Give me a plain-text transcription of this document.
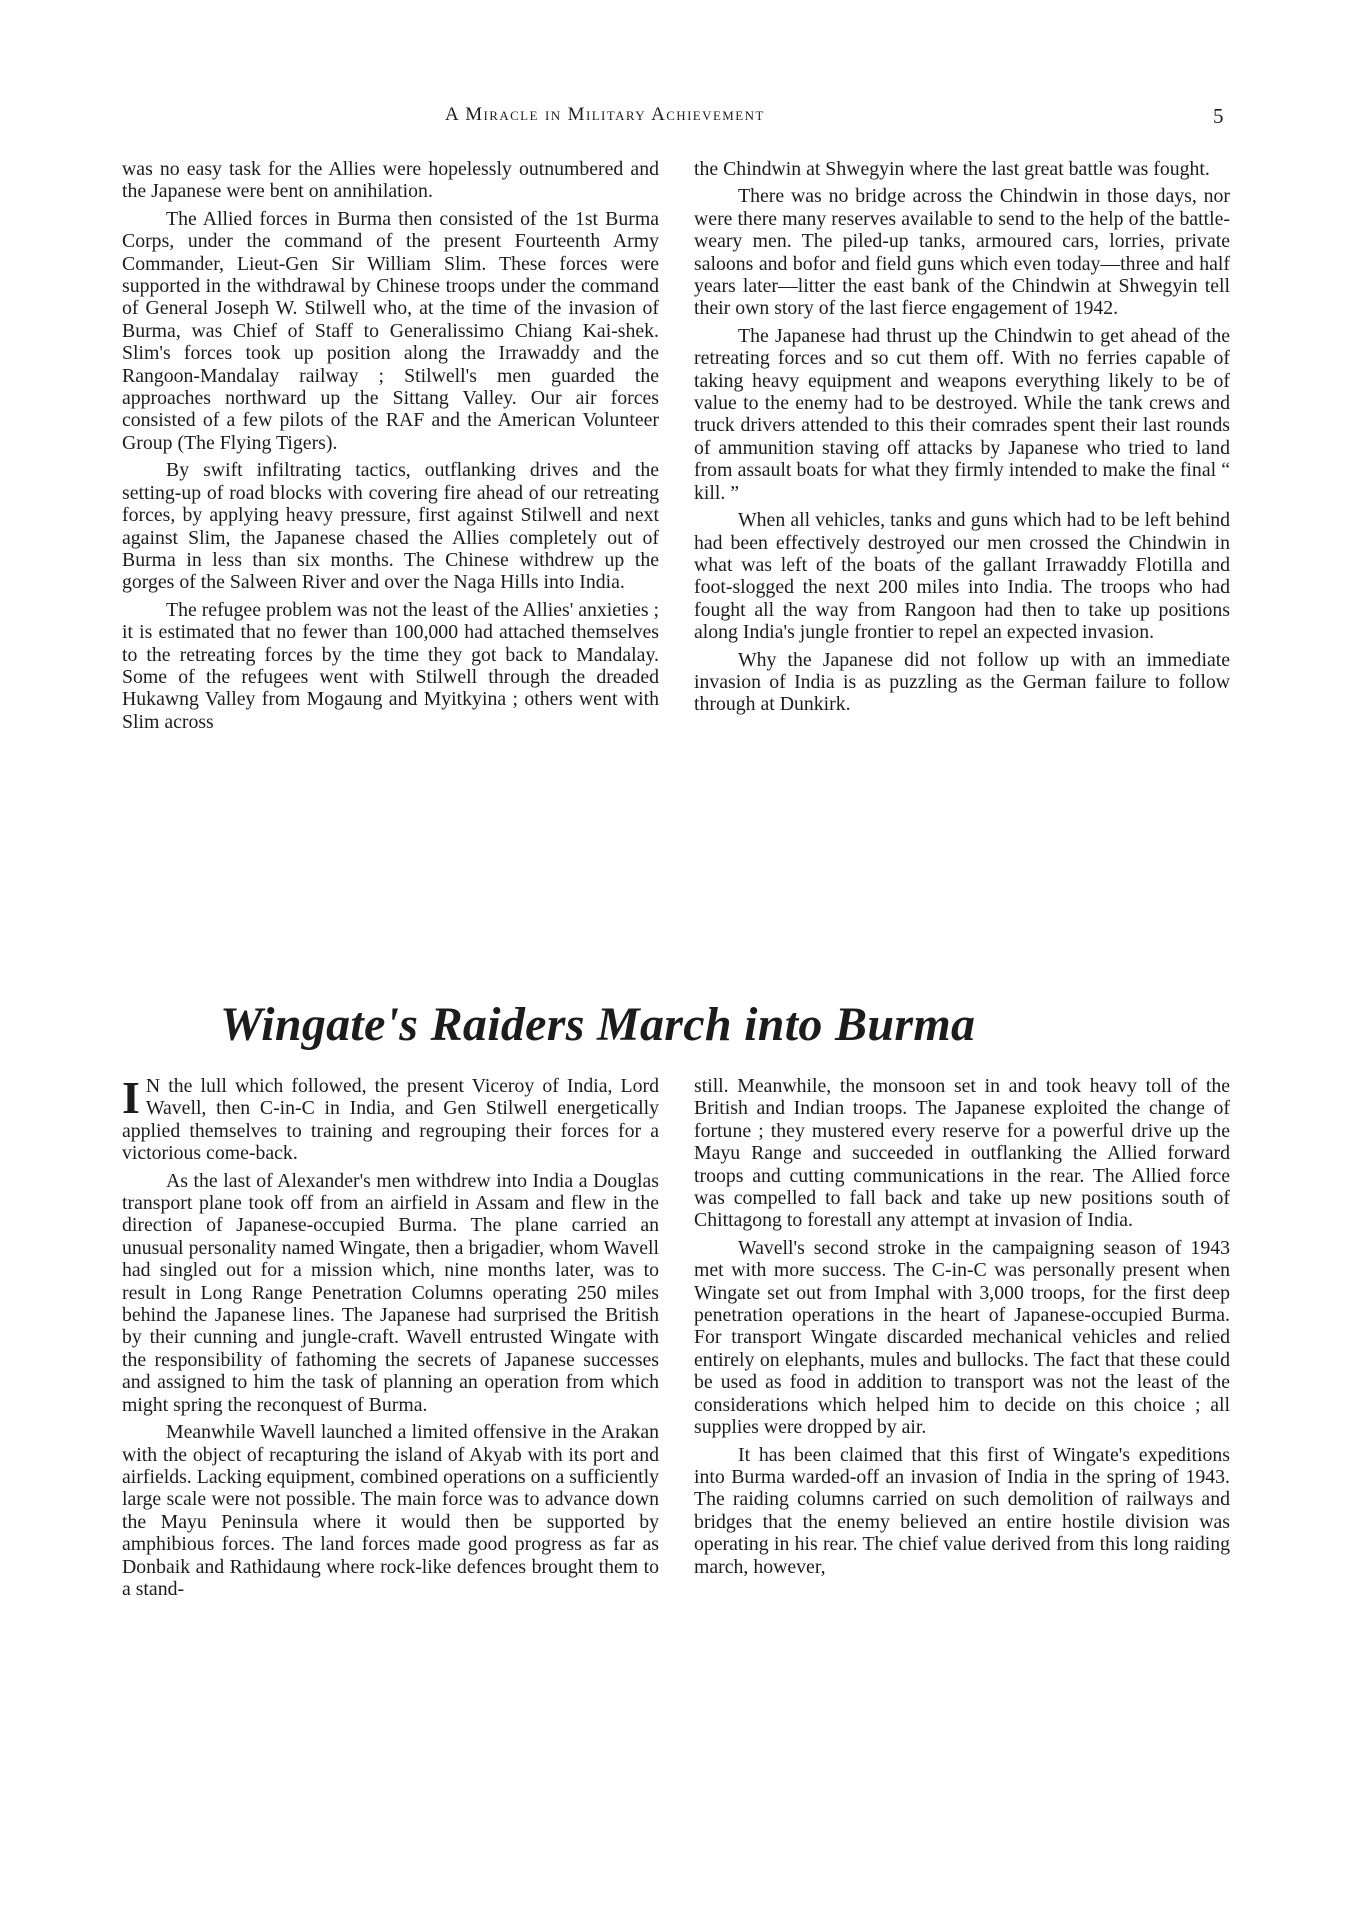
A Miracle in Military Achievement	5

was no easy task for the Allies were hopelessly outnumbered and the Japanese were bent on annihilation.

The Allied forces in Burma then consisted of the 1st Burma Corps, under the command of the present Fourteenth Army Commander, Lieut-Gen Sir William Slim. These forces were supported in the withdrawal by Chinese troops under the command of General Joseph W. Stilwell who, at the time of the invasion of Burma, was Chief of Staff to Generalissimo Chiang Kai-shek. Slim's forces took up position along the Irrawaddy and the Rangoon-Mandalay railway ; Stilwell's men guarded the approaches northward up the Sittang Valley. Our air forces consisted of a few pilots of the RAF and the American Volunteer Group (The Flying Tigers).

By swift infiltrating tactics, outflanking drives and the setting-up of road blocks with covering fire ahead of our retreating forces, by applying heavy pressure, first against Stilwell and next against Slim, the Japanese chased the Allies completely out of Burma in less than six months. The Chinese withdrew up the gorges of the Salween River and over the Naga Hills into India.

The refugee problem was not the least of the Allies' anxieties ; it is estimated that no fewer than 100,000 had attached themselves to the retreating forces by the time they got back to Mandalay. Some of the refugees went with Stilwell through the dreaded Hukawng Valley from Mogaung and Myitkyina ; others went with Slim across

the Chindwin at Shwegyin where the last great battle was fought.

There was no bridge across the Chindwin in those days, nor were there many reserves available to send to the help of the battle-weary men. The piled-up tanks, armoured cars, lorries, private saloons and bofor and field guns which even today—three and half years later—litter the east bank of the Chindwin at Shwegyin tell their own story of the last fierce engagement of 1942.

The Japanese had thrust up the Chindwin to get ahead of the retreating forces and so cut them off. With no ferries capable of taking heavy equipment and weapons everything likely to be of value to the enemy had to be destroyed. While the tank crews and truck drivers attended to this their comrades spent their last rounds of ammunition staving off attacks by Japanese who tried to land from assault boats for what they firmly intended to make the final “ kill. ”

When all vehicles, tanks and guns which had to be left behind had been effectively destroyed our men crossed the Chindwin in what was left of the boats of the gallant Irrawaddy Flotilla and foot-slogged the next 200 miles into India. The troops who had fought all the way from Rangoon had then to take up positions along India's jungle frontier to repel an expected invasion.

Why the Japanese did not follow up with an immediate invasion of India is as puzzling as the German failure to follow through at Dunkirk.

Wingate's Raiders March into Burma

I N the lull which followed, the present Viceroy of India, Lord Wavell, then C-in-C in India, and Gen Stilwell energetically applied themselves to training and regrouping their forces for a victorious come-back.

As the last of Alexander's men withdrew into India a Douglas transport plane took off from an airfield in Assam and flew in the direction of Japanese-occupied Burma. The plane carried an unusual personality named Wingate, then a brigadier, whom Wavell had singled out for a mission which, nine months later, was to result in Long Range Penetration Columns operating 250 miles behind the Japanese lines. The Japanese had surprised the British by their cunning and jungle-craft. Wavell entrusted Wingate with the responsibility of fathoming the secrets of Japanese successes and assigned to him the task of planning an operation from which might spring the reconquest of Burma.

Meanwhile Wavell launched a limited offensive in the Arakan with the object of recapturing the island of Akyab with its port and airfields. Lacking equipment, combined operations on a sufficiently large scale were not possible. The main force was to advance down the Mayu Peninsula where it would then be supported by amphibious forces. The land forces made good progress as far as Donbaik and Rathidaung where rock-like defences brought them to a stand-

still. Meanwhile, the monsoon set in and took heavy toll of the British and Indian troops. The Japanese exploited the change of fortune ; they mustered every reserve for a powerful drive up the Mayu Range and succeeded in outflanking the Allied forward troops and cutting communications in the rear. The Allied force was compelled to fall back and take up new positions south of Chittagong to forestall any attempt at invasion of India.

Wavell's second stroke in the campaigning season of 1943 met with more success. The C-in-C was personally present when Wingate set out from Imphal with 3,000 troops, for the first deep penetration operations in the heart of Japanese-occupied Burma. For transport Wingate discarded mechanical vehicles and relied entirely on elephants, mules and bullocks. The fact that these could be used as food in addition to transport was not the least of the considerations which helped him to decide on this choice ; all supplies were dropped by air.

It has been claimed that this first of Wingate's expeditions into Burma warded-off an invasion of India in the spring of 1943. The raiding columns carried on such demolition of railways and bridges that the enemy believed an entire hostile division was operating in his rear. The chief value derived from this long raiding march, however,
